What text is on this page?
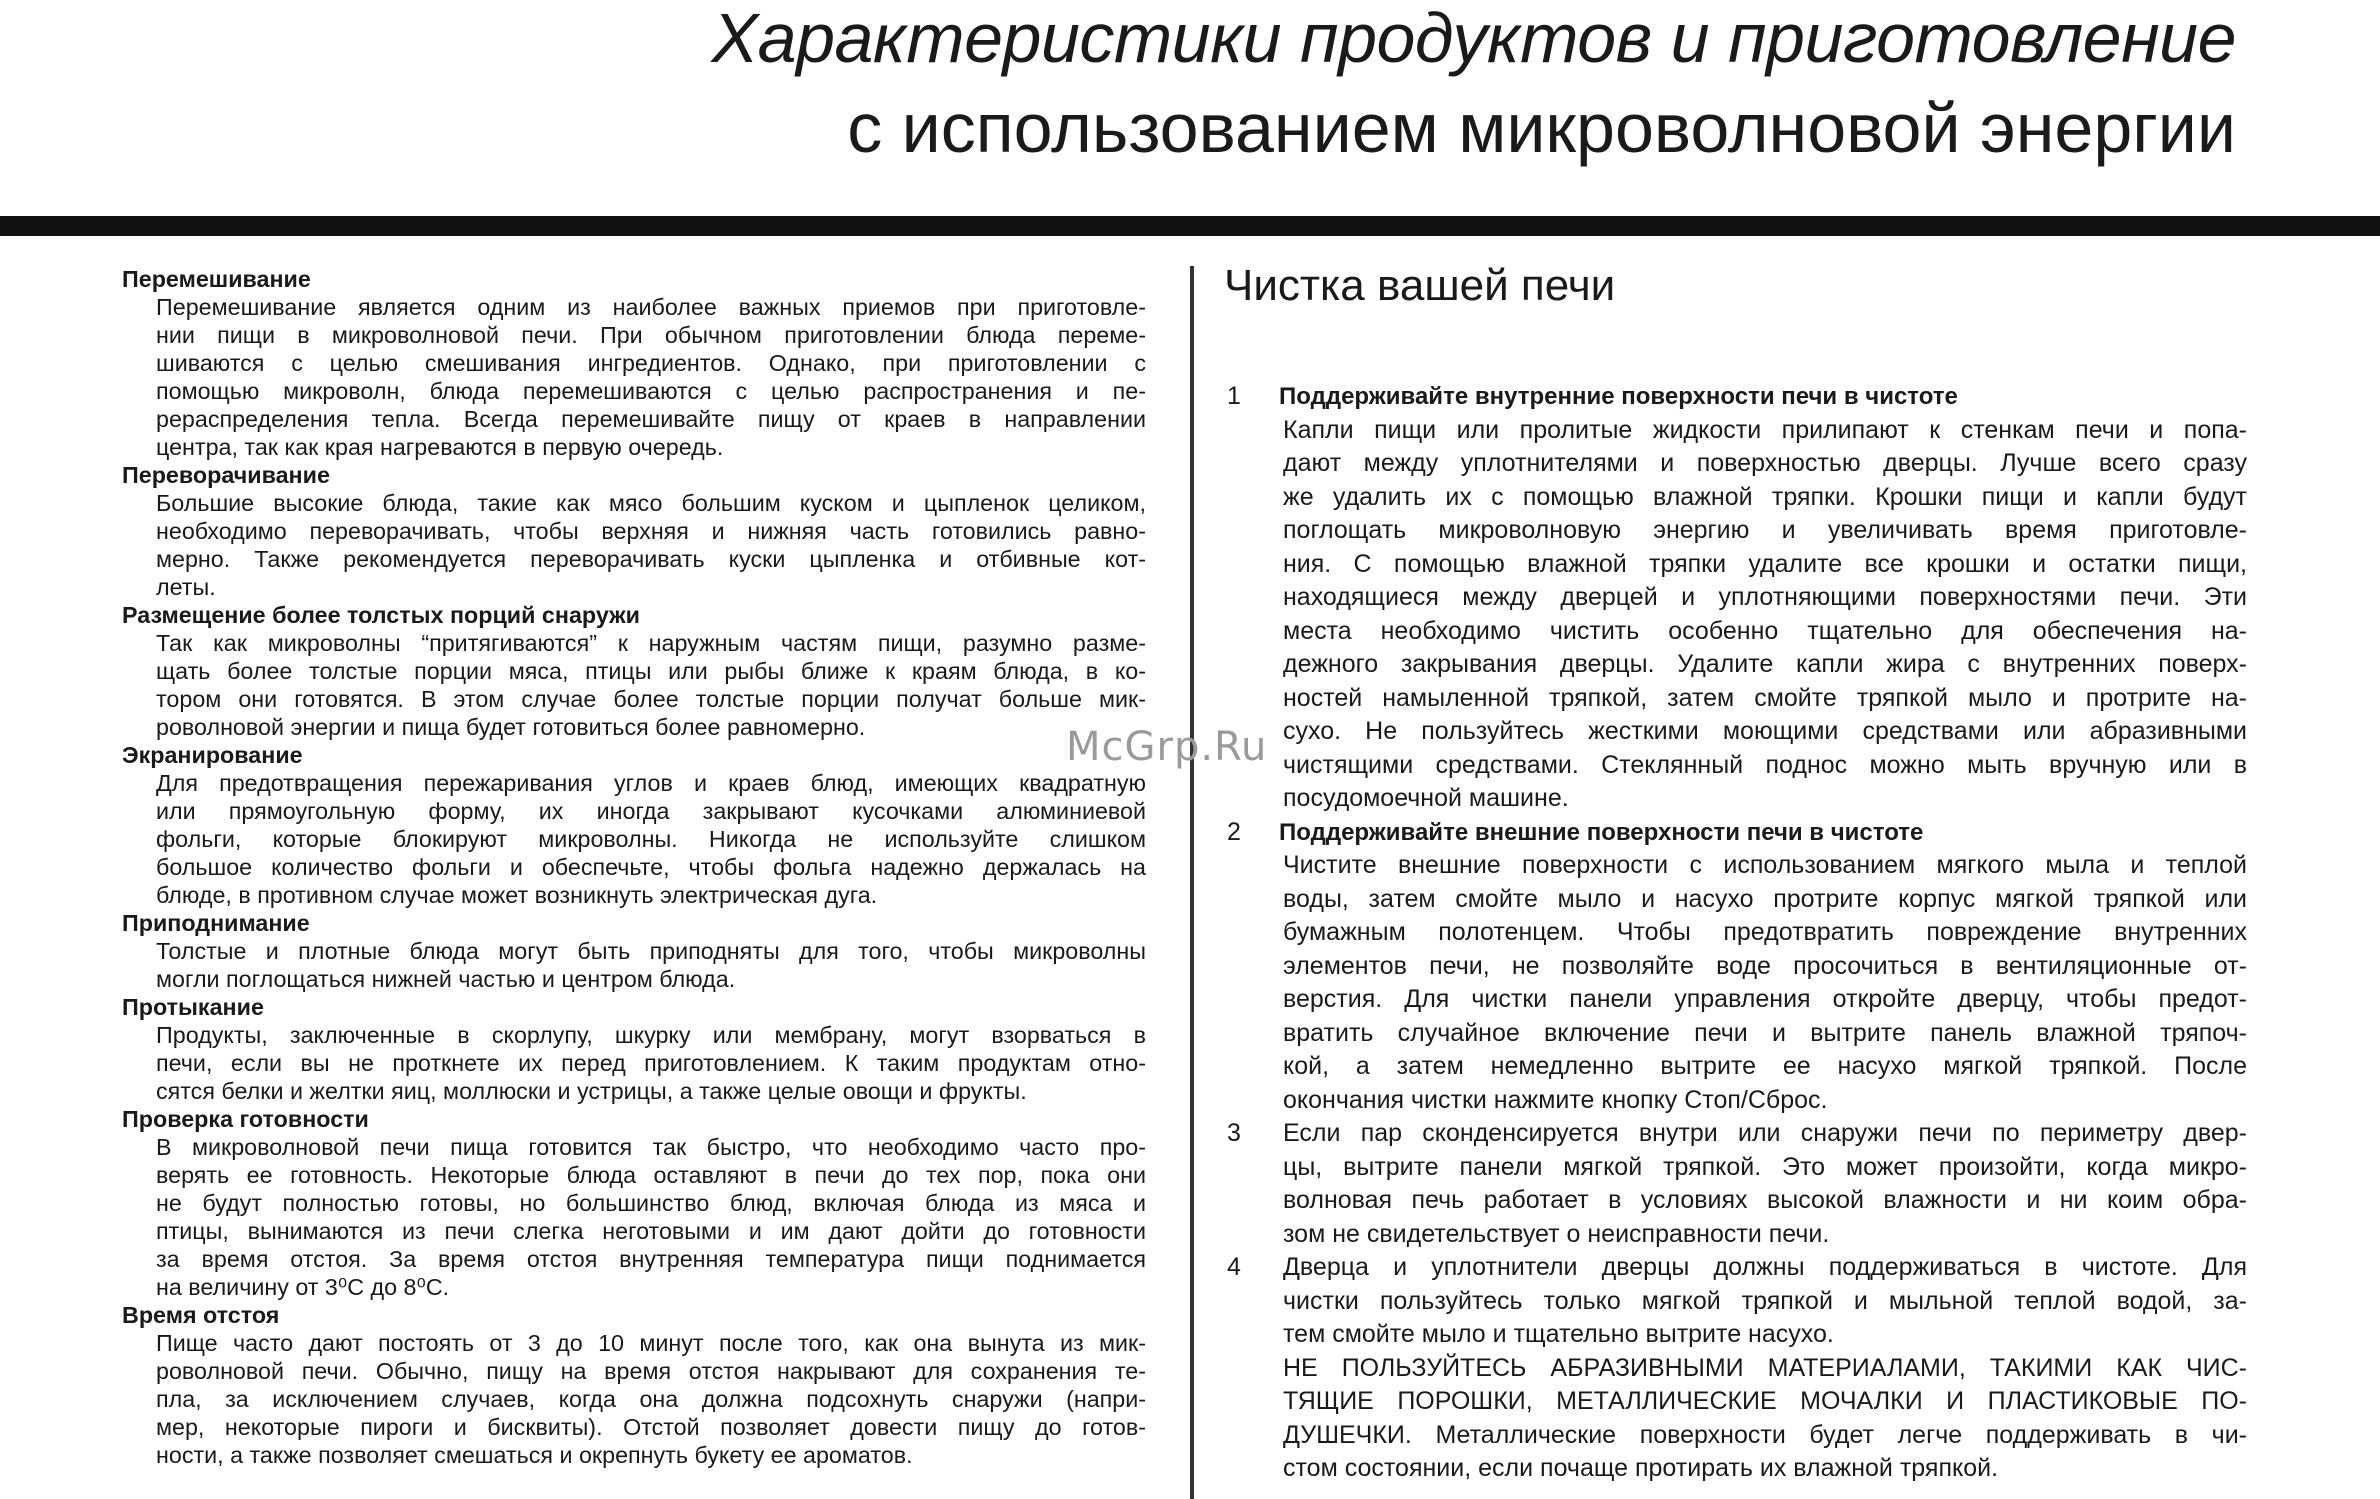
Характеристики продуктов и приготовление
с использованием микроволновой энергии
Перемешивание
Перемешивание является одним из наиболее важных приемов при приготовле-
нии пищи в микроволновой печи. При обычном приготовлении блюда переме-
шиваются с целью смешивания ингредиентов. Однако, при приготовлении с
помощью микроволн, блюда перемешиваются с целью распространения и пе-
рераспределения тепла. Всегда перемешивайте пищу от краев в направлении
центра, так как края нагреваются в первую очередь.
Переворачивание
Большие высокие блюда, такие как мясо большим куском и цыпленок целиком,
необходимо переворачивать, чтобы верхняя и нижняя часть готовились равно-
мерно. Также рекомендуется переворачивать куски цыпленка и отбивные кот-
леты.
Размещение более толстых порций снаружи
Так как микроволны “притягиваются” к наружным частям пищи, разумно разме-
щать более толстые порции мяса, птицы или рыбы ближе к краям блюда, в ко-
тором они готовятся. В этом случае более толстые порции получат больше мик-
роволновой энергии и пища будет готовиться более равномерно.
Экранирование
Для предотвращения пережаривания углов и краев блюд, имеющих квадратную
или прямоугольную форму, их иногда закрывают кусочками алюминиевой
фольги, которые блокируют микроволны. Никогда не используйте слишком
большое количество фольги и обеспечьте, чтобы фольга надежно держалась на
блюде, в противном случае может возникнуть электрическая дуга.
Приподнимание
Толстые и плотные блюда могут быть приподняты для того, чтобы микроволны
могли поглощаться нижней частью и центром блюда.
Протыкание
Продукты, заключенные в скорлупу, шкурку или мембрану, могут взорваться в
печи, если вы не проткнете их перед приготовлением. К таким продуктам отно-
сятся белки и желтки яиц, моллюски и устрицы, а также целые овощи и фрукты.
Проверка готовности
В микроволновой печи пища готовится так быстро, что необходимо часто про-
верять ее готовность. Некоторые блюда оставляют в печи до тех пор, пока они
не будут полностью готовы, но большинство блюд, включая блюда из мяса и
птицы, вынимаются из печи слегка неготовыми и им дают дойти до готовности
за время отстоя. За время отстоя внутренняя температура пищи поднимается
на величину от 3⁰С до 8⁰С.
Время отстоя
Пище часто дают постоять от 3 до 10 минут после того, как она вынута из мик-
роволновой печи. Обычно, пищу на время отстоя накрывают для сохранения те-
пла, за исключением случаев, когда она должна подсохнуть снаружи (напри-
мер, некоторые пироги и бисквиты). Отстой позволяет довести пищу до готов-
ности, а также позволяет смешаться и окрепнуть букету ее ароматов.
Чистка вашей печи
1 Поддерживайте внутренние поверхности печи в чистоте
Капли пищи или пролитые жидкости прилипают к стенкам печи и попа-
дают между уплотнителями и поверхностью дверцы. Лучше всего сразу
же удалить их с помощью влажной тряпки. Крошки пищи и капли будут
поглощать микроволновую энергию и увеличивать время приготовле-
ния. С помощью влажной тряпки удалите все крошки и остатки пищи,
находящиеся между дверцей и уплотняющими поверхностями печи. Эти
места необходимо чистить особенно тщательно для обеспечения на-
дежного закрывания дверцы. Удалите капли жира с внутренних поверх-
ностей намыленной тряпкой, затем смойте тряпкой мыло и протрите на-
сухо. Не пользуйтесь жесткими моющими средствами или абразивными
чистящими средствами. Стеклянный поднос можно мыть вручную или в
посудомоечной машине.
2 Поддерживайте внешние поверхности печи в чистоте
Чистите внешние поверхности с использованием мягкого мыла и теплой
воды, затем смойте мыло и насухо протрите корпус мягкой тряпкой или
бумажным полотенцем. Чтобы предотвратить повреждение внутренних
элементов печи, не позволяйте воде просочиться в вентиляционные от-
верстия. Для чистки панели управления откройте дверцу, чтобы предот-
вратить случайное включение печи и вытрите панель влажной тряпоч-
кой, а затем немедленно вытрите ее насухо мягкой тряпкой. После
окончания чистки нажмите кнопку Стоп/Сброс.
3 Если пар сконденсируется внутри или снаружи печи по периметру двер-
цы, вытрите панели мягкой тряпкой. Это может произойти, когда микро-
волновая печь работает в условиях высокой влажности и ни коим обра-
зом не свидетельствует о неисправности печи.
4 Дверца и уплотнители дверцы должны поддерживаться в чистоте. Для
чистки пользуйтесь только мягкой тряпкой и мыльной теплой водой, за-
тем смойте мыло и тщательно вытрите насухо.
НЕ ПОЛЬЗУЙТЕСЬ АБРАЗИВНЫМИ МАТЕРИАЛАМИ, ТАКИМИ КАК ЧИС-
ТЯЩИЕ ПОРОШКИ, МЕТАЛЛИЧЕСКИЕ МОЧАЛКИ И ПЛАСТИКОВЫЕ ПО-
ДУШЕЧКИ. Металлические поверхности будет легче поддерживать в чи-
стом состоянии, если почаще протирать их влажной тряпкой.
McGrp.Ru
